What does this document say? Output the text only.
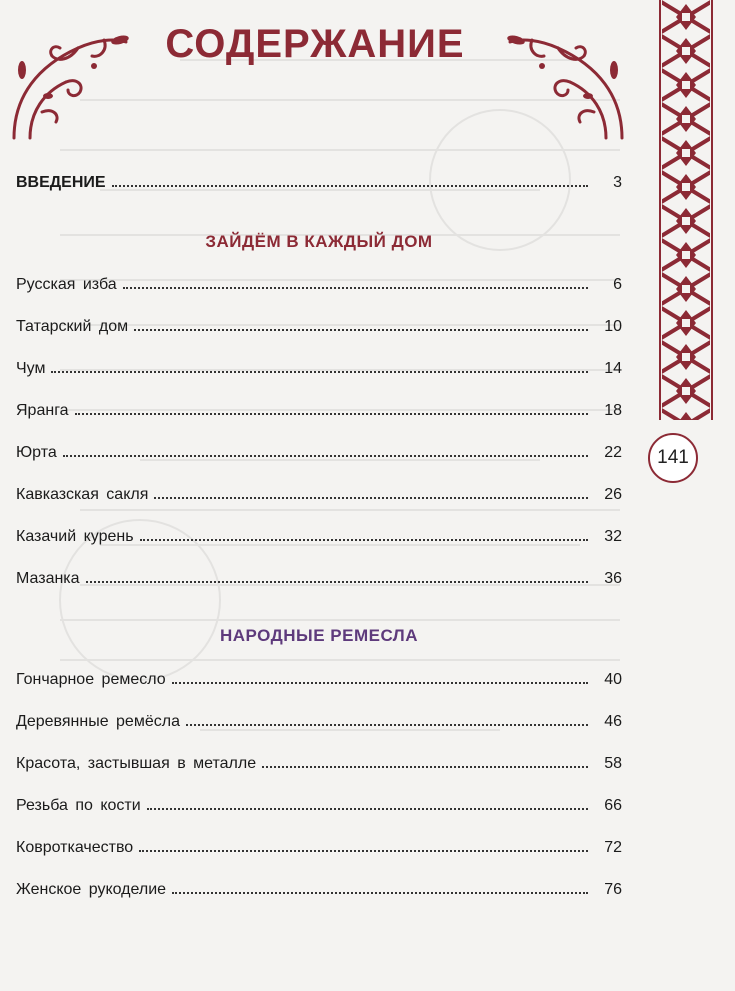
СОДЕРЖАНИЕ
141
ВВЕДЕНИЕ	3
ЗАЙДЁМ В КАЖДЫЙ ДОМ
Русская изба	6
Татарский дом	10
Чум	14
Яранга	18
Юрта	22
Кавказская сакля	26
Казачий курень	32
Мазанка	36
НАРОДНЫЕ РЕМЕСЛА
Гончарное ремесло	40
Деревянные ремёсла	46
Красота, застывшая в металле	58
Резьба по кости	66
Ковроткачество	72
Женское рукоделие	76
